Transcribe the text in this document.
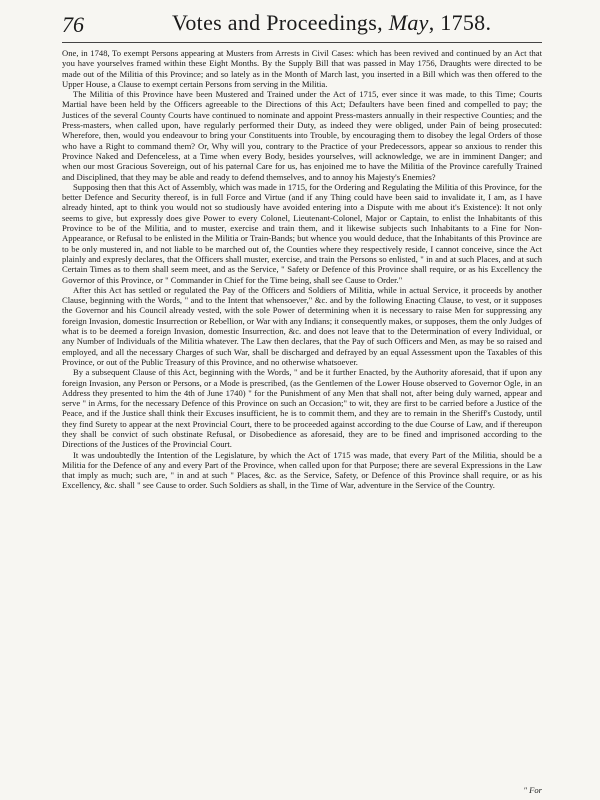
76	Votes and Proceedings, May, 1758.

One, in 1748, To exempt Persons appearing at Musters from Arrests in Civil Cases: which has been revived and continued by an Act that you have yourselves framed within these Eight Months. By the Supply Bill that was passed in May 1756, Draughts were directed to be made out of the Militia of this Province; and so lately as in the Month of March last, you inserted in a Bill which was then offered to the Upper House, a Clause to exempt certain Persons from serving in the Militia.

The Militia of this Province have been Mustered and Trained under the Act of 1715, ever since it was made, to this Time; Courts Martial have been held by the Officers agreeable to the Directions of this Act; Defaulters have been fined and compelled to pay; the Justices of the several County Courts have continued to nominate and appoint Press-masters annually in their respective Counties; and the Press-masters, when called upon, have regularly performed their Duty, as indeed they were obliged, under Pain of being prosecuted: Wherefore, then, would you endeavour to bring your Constituents into Trouble, by encouraging them to disobey the legal Orders of those who have a Right to command them? Or, Why will you, contrary to the Practice of your Predecessors, appear so anxious to render this Province Naked and Defenceless, at a Time when every Body, besides yourselves, will acknowledge, we are in imminent Danger; and when our most Gracious Sovereign, out of his paternal Care for us, has enjoined me to have the Militia of the Province carefully Trained and Disciplined, that they may be able and ready to defend themselves, and to annoy his Majesty's Enemies?

Supposing then that this Act of Assembly, which was made in 1715, for the Ordering and Regulating the Militia of this Province, for the better Defence and Security thereof, is in full Force and Virtue (and if any Thing could have been said to invalidate it, I am, as I have already hinted, apt to think you would not so studiously have avoided entering into a Dispute with me about it's Existence): It not only seems to give, but expressly does give Power to every Colonel, Lieutenant-Colonel, Major or Captain, to enlist the Inhabitants of this Province to be of the Militia, and to muster, exercise and train them, and it likewise subjects such Inhabitants to a Fine for Non-Appearance, or Refusal to be enlisted in the Militia or Train-Bands; but whence you would deduce, that the Inhabitants of this Province are to be only mustered in, and not liable to be marched out of, the Counties where they respectively reside, I cannot conceive, since the Act plainly and expresly declares, that the Officers shall muster, exercise, and train the Persons so enlisted, " in and at such Places, and at such Certain Times as to them shall seem meet, and as the Service, " Safety or Defence of this Province shall require, or as his Excellency the Governor of this Province, or " Commander in Chief for the Time being, shall see Cause to Order."

After this Act has settled or regulated the Pay of the Officers and Soldiers of Militia, while in actual Service, it proceeds by another Clause, beginning with the Words, " and to the Intent that whensoever," &c. and by the following Enacting Clause, to vest, or it supposes the Governor and his Council already vested, with the sole Power of determining when it is necessary to raise Men for suppressing any foreign Invasion, domestic Insurrection or Rebellion, or War with any Indians; it consequently makes, or supposes, them the only Judges of what is to be deemed a foreign Invasion, domestic Insurrection, &c. and does not leave that to the Determination of every Individual, or any Number of Individuals of the Militia whatever. The Law then declares, that the Pay of such Officers and Men, as may be so raised and employed, and all the necessary Charges of such War, shall be discharged and defrayed by an equal Assessment upon the Taxables of this Province, or out of the Public Treasury of this Province, and no otherwise whatsoever.

By a subsequent Clause of this Act, beginning with the Words, " and be it further Enacted, by the Authority aforesaid, that if upon any foreign Invasion, any Person or Persons, or a Mode is prescribed, (as the Gentlemen of the Lower House observed to Governor Ogle, in an Address they presented to him the 4th of June 1740) " for the Punishment of any Men that shall not, after being duly warned, appear and serve " in Arms, for the necessary Defence of this Province on such an Occasion;" to wit, they are first to be carried before a Justice of the Peace, and if the Justice shall think their Excuses insufficient, he is to commit them, and they are to remain in the Sheriff's Custody, until they find Surety to appear at the next Provincial Court, there to be proceeded against according to the due Course of Law, and if thereupon they shall be convict of such obstinate Refusal, or Disobedience as aforesaid, they are to be fined and imprisoned according to the Directions of the Justices of the Provincial Court.

It was undoubtedly the Intention of the Legislature, by which the Act of 1715 was made, that every Part of the Militia, should be a Militia for the Defence of any and every Part of the Province, when called upon for that Purpose; there are several Expressions in the Law that imply as much; such are, " in and at such " Places, &c. as the Service, Safety, or Defence of this Province shall require, or as his Excellency, &c. shall " see Cause to order. Such Soldiers as shall, in the Time of War, adventure in the Service of the Country.

" For
